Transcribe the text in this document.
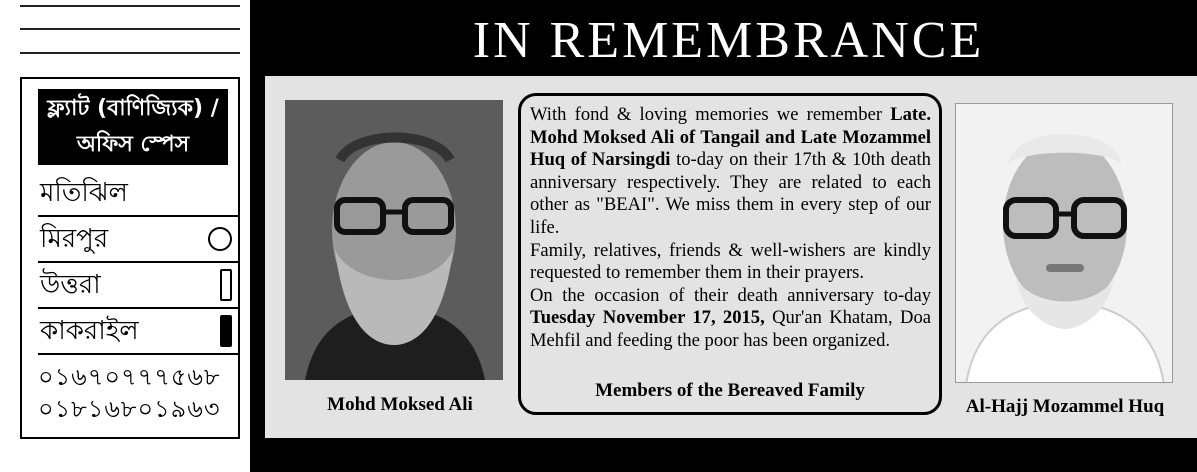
ফ্ল্যাট (বাণিজ্যিক) / অফিস স্পেস
মতিঝিল
মিরপুর
উত্তরা
কাকরাইল
০১৬৭০৭৭৭৫৬৮
০১৮১৬৮০১৯৬৩
IN REMEMBRANCE

With fond & loving memories we remember Late. Mohd Moksed Ali of Tangail and Late Mozammel Huq of Narsingdi to-day on their 17th & 10th death anniversary respectively. They are related to each other as "BEAI". We miss them in every step of our life.

Family, relatives, friends & well-wishers are kindly requested to remember them in their prayers.

On the occasion of their death anniversary to-day Tuesday November 17, 2015, Qur'an Khatam, Doa Mehfil and feeding the poor has been organized.

Members of the Bereaved Family
Mohd Moksed Ali	Al-Hajj Mozammel Huq
